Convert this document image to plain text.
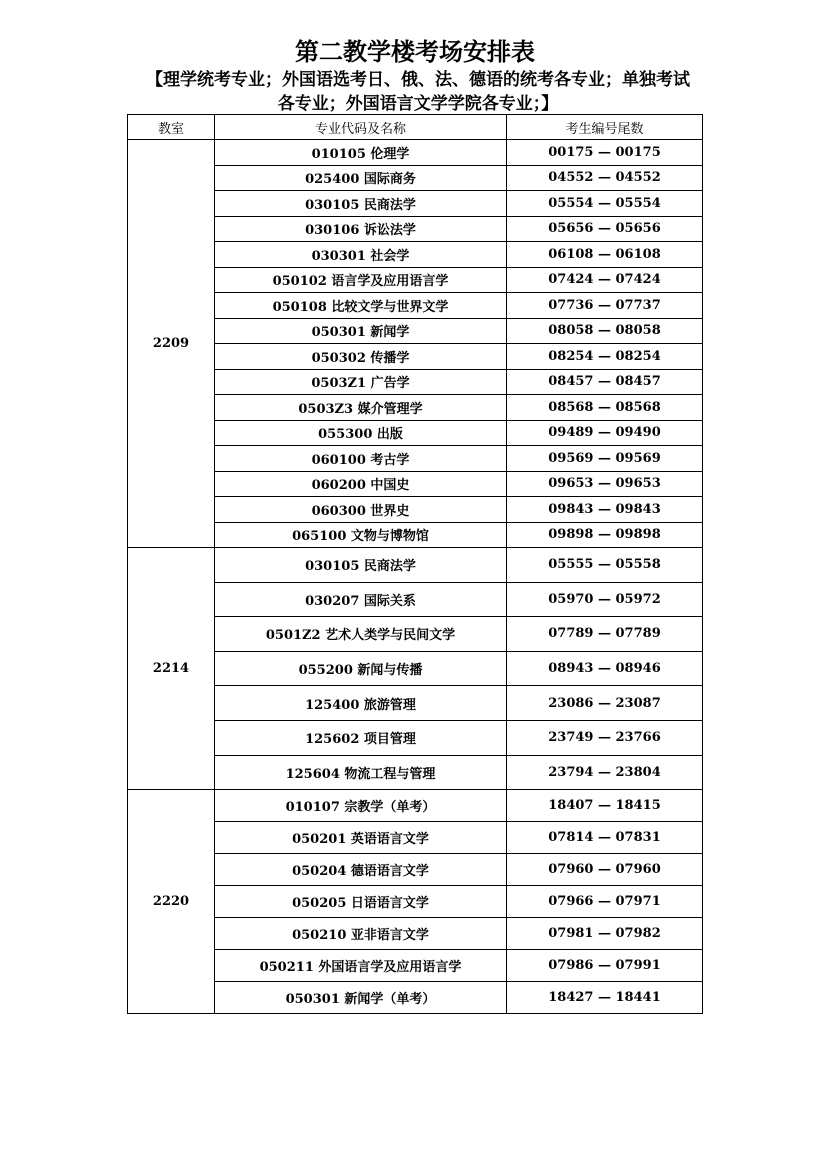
第二教学楼考场安排表
【理学统考专业；外国语选考日、俄、法、德语的统考各专业；单独考试各专业；外国语言文学学院各专业；】
教室	专业代码及名称	考生编号尾数
2209	010105 伦理学	00175 — 00175
	025400 国际商务	04552 — 04552
	030105 民商法学	05554 — 05554
	030106 诉讼法学	05656 — 05656
	030301 社会学	06108 — 06108
	050102 语言学及应用语言学	07424 — 07424
	050108 比较文学与世界文学	07736 — 07737
	050301 新闻学	08058 — 08058
	050302 传播学	08254 — 08254
	0503Z1 广告学	08457 — 08457
	0503Z3 媒介管理学	08568 — 08568
	055300 出版	09489 — 09490
	060100 考古学	09569 — 09569
	060200 中国史	09653 — 09653
	060300 世界史	09843 — 09843
	065100 文物与博物馆	09898 — 09898
2214	030105 民商法学	05555 — 05558
	030207 国际关系	05970 — 05972
	0501Z2 艺术人类学与民间文学	07789 — 07789
	055200 新闻与传播	08943 — 08946
	125400 旅游管理	23086 — 23087
	125602 项目管理	23749 — 23766
	125604 物流工程与管理	23794 — 23804
2220	010107 宗教学（单考）	18407 — 18415
	050201 英语语言文学	07814 — 07831
	050204 德语语言文学	07960 — 07960
	050205 日语语言文学	07966 — 07971
	050210 亚非语言文学	07981 — 07982
	050211 外国语言学及应用语言学	07986 — 07991
	050301 新闻学（单考）	18427 — 18441
